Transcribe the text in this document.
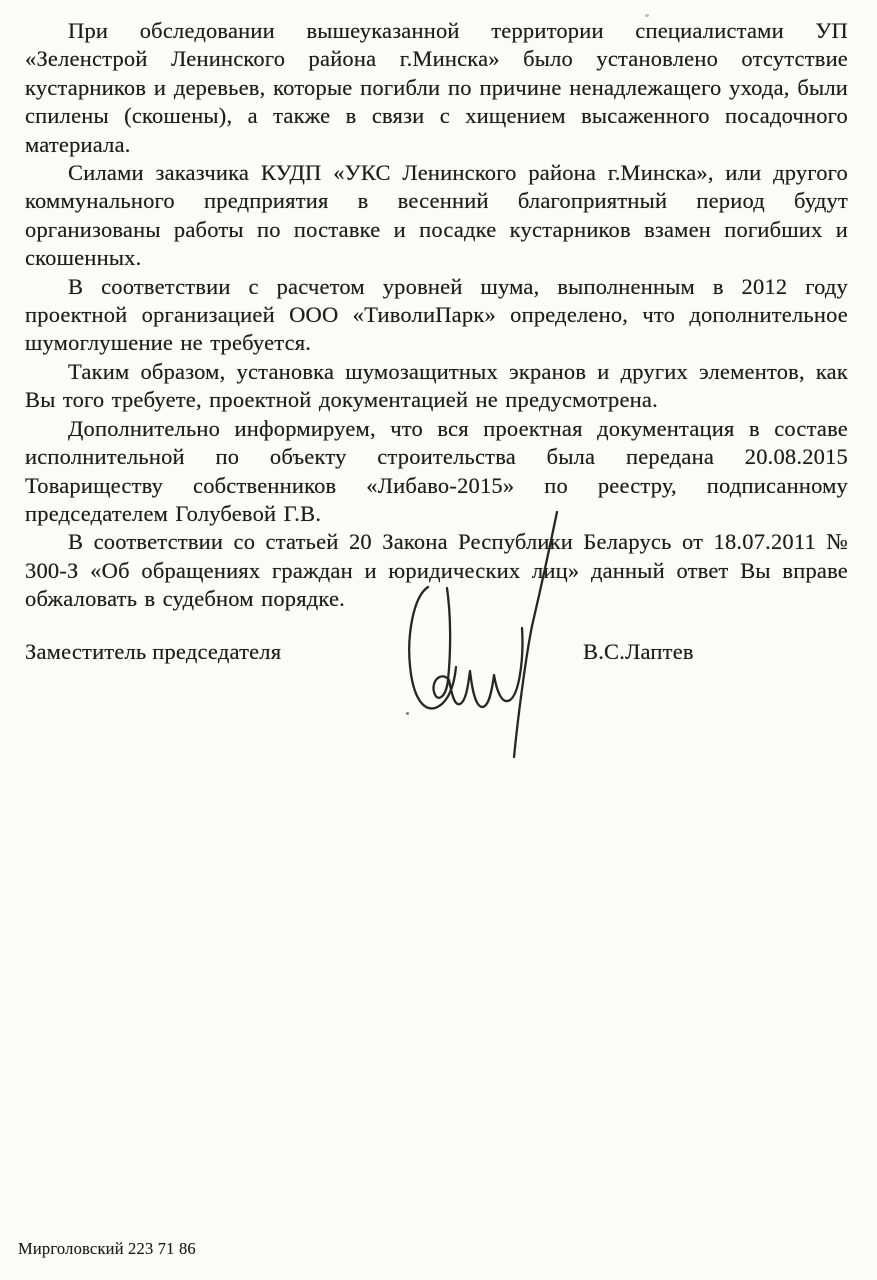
При обследовании вышеуказанной территории специалистами УП «Зеленстрой Ленинского района г.Минска» было установлено отсутствие кустарников и деревьев, которые погибли по причине ненадлежащего ухода, были спилены (скошены), а также в связи с хищением высаженного посадочного материала.

Силами заказчика КУДП «УКС Ленинского района г.Минска», или другого коммунального предприятия в весенний благоприятный период будут организованы работы по поставке и посадке кустарников взамен погибших и скошенных.

В соответствии с расчетом уровней шума, выполненным в 2012 году проектной организацией ООО «ТиволиПарк» определено, что дополнительное шумоглушение не требуется.

Таким образом, установка шумозащитных экранов и других элементов, как Вы того требуете, проектной документацией не предусмотрена.

Дополнительно информируем, что вся проектная документация в составе исполнительной по объекту строительства была передана 20.08.2015 Товариществу собственников «Либаво-2015» по реестру, подписанному председателем Голубевой Г.В.

В соответствии со статьей 20 Закона Республики Беларусь от 18.07.2011 № 300-З «Об обращениях граждан и юридических лиц» данный ответ Вы вправе обжаловать в судебном порядке.

Заместитель председателя	В.С.Лаптев
Мирголовский 223 71 86
